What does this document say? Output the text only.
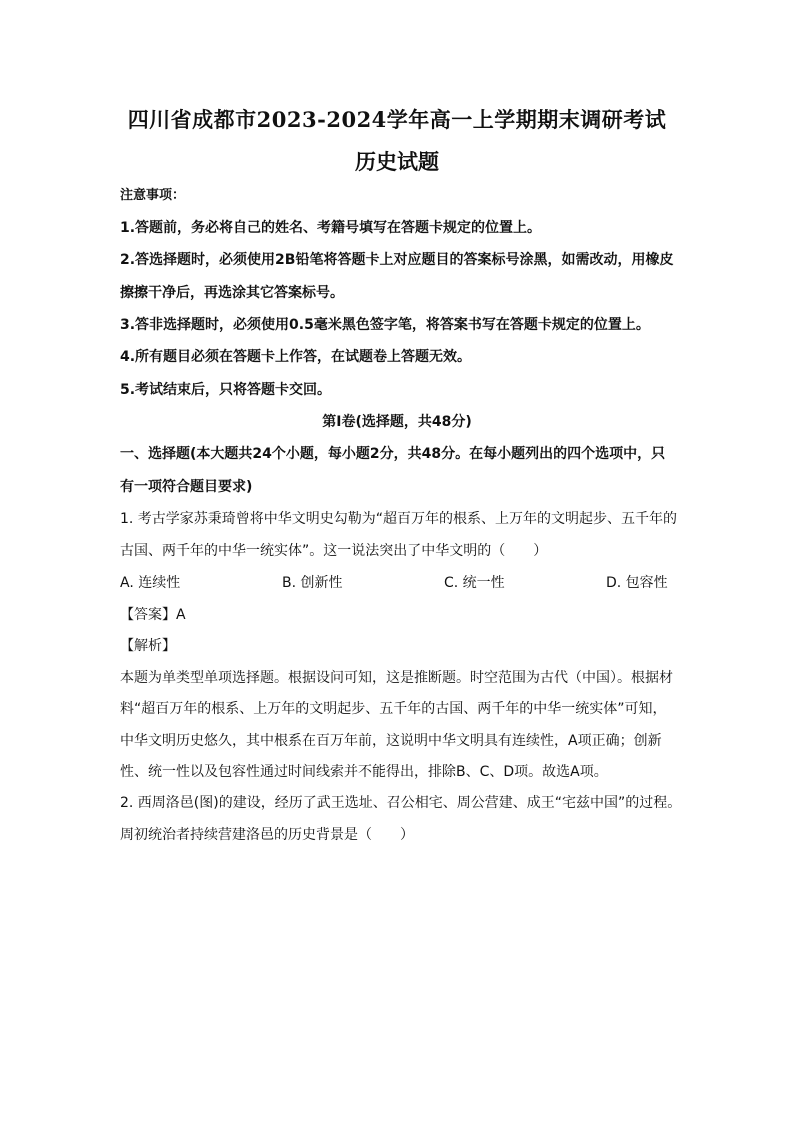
四川省成都市2023-2024学年高一上学期期末调研考试
历史试题
注意事项：
1.答题前，务必将自己的姓名、考籍号填写在答题卡规定的位置上。
2.答选择题时，必须使用2B铅笔将答题卡上对应题目的答案标号涂黑，如需改动，用橡皮
擦擦干净后，再选涂其它答案标号。
3.答非选择题时，必须使用0.5毫米黑色签字笔，将答案书写在答题卡规定的位置上。
4.所有题目必须在答题卡上作答，在试题卷上答题无效。
5.考试结束后，只将答题卡交回。
第Ⅰ卷(选择题，共48分)
一、选择题(本大题共24个小题，每小题2分，共48分。在每小题列出的四个选项中，只
有一项符合题目要求)
1. 考古学家苏秉琦曾将中华文明史勾勒为“超百万年的根系、上万年的文明起步、五千年的
古国、两千年的中华一统实体”。这一说法突出了中华文明的（　　）
A. 连续性	B. 创新性	C. 统一性	D. 包容性
【答案】A
【解析】
本题为单类型单项选择题。根据设问可知，这是推断题。时空范围为古代（中国）。根据材
料“超百万年的根系、上万年的文明起步、五千年的古国、两千年的中华一统实体”可知，
中华文明历史悠久，其中根系在百万年前，这说明中华文明具有连续性，A项正确；创新
性、统一性以及包容性通过时间线索并不能得出，排除B、C、D项。故选A项。
2. 西周洛邑(图)的建设，经历了武王选址、召公相宅、周公营建、成王“宅兹中国”的过程。
周初统治者持续营建洛邑的历史背景是（　　）
